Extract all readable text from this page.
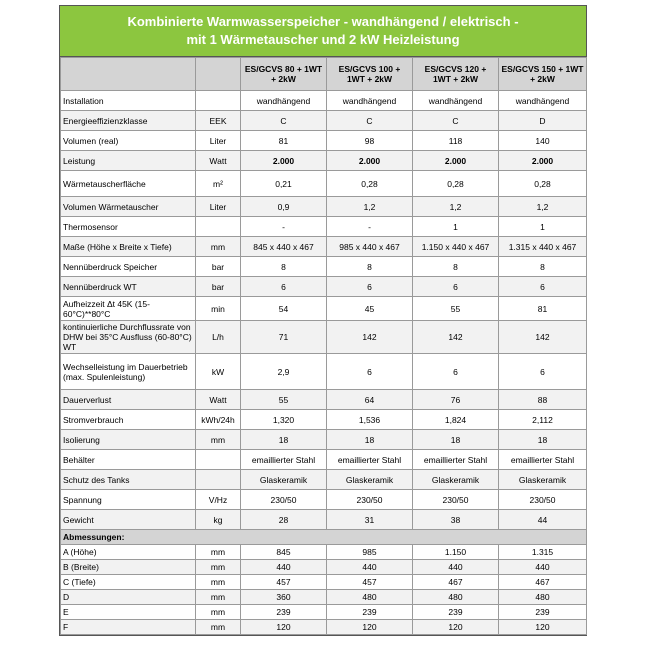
Kombinierte Warmwasserspeicher - wandhängend / elektrisch -
mit 1 Wärmetauscher und 2 kW Heizleistung
		ES/GCVS 80 + 1WT + 2kW	ES/GCVS 100 + 1WT + 2kW	ES/GCVS 120 + 1WT + 2kW	ES/GCVS 150 + 1WT + 2kW
Installation		wandhängend	wandhängend	wandhängend	wandhängend
Energieeffizienzklasse	EEK	C	C	C	D
Volumen (real)	Liter	81	98	118	140
Leistung	Watt	2.000	2.000	2.000	2.000
Wärmetauscherfläche	m²	0,21	0,28	0,28	0,28
Volumen Wärmetauscher	Liter	0,9	1,2	1,2	1,2
Thermosensor		-	-	1	1
Maße (Höhe x Breite x Tiefe)	mm	845 x 440 x 467	985 x 440 x 467	1.150 x 440 x 467	1.315 x 440 x 467
Nennüberdruck Speicher	bar	8	8	8	8
Nennüberdruck WT	bar	6	6	6	6
Aufheizzeit Δt 45K (15-60°C)**80°C	min	54	45	55	81
kontinuierliche Durchflussrate von DHW bei 35°C Ausfluss (60-80°C) WT	L/h	71	142	142	142
Wechselleistung im Dauerbetrieb (max. Spulenleistung)	kW	2,9	6	6	6
Dauerverlust	Watt	55	64	76	88
Stromverbrauch	kWh/24h	1,320	1,536	1,824	2,112
Isolierung	mm	18	18	18	18
Behälter		emaillierter Stahl	emaillierter Stahl	emaillierter Stahl	emaillierter Stahl
Schutz des Tanks		Glaskeramik	Glaskeramik	Glaskeramik	Glaskeramik
Spannung	V/Hz	230/50	230/50	230/50	230/50
Gewicht	kg	28	31	38	44
Abmessungen:					
A (Höhe)	mm	845	985	1.150	1.315
B (Breite)	mm	440	440	440	440
C (Tiefe)	mm	457	457	467	467
D	mm	360	480	480	480
E	mm	239	239	239	239
F	mm	120	120	120	120
